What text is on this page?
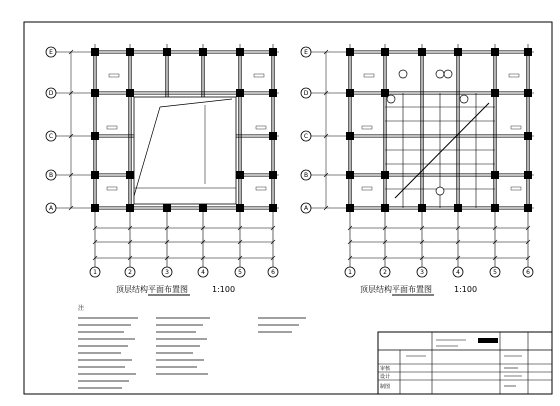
E
D
C
B
A
1	2	3	4	5	6
E
D
C
B
A
1	2	3	4	5	6
顶层结构平面布置图	1:100	顶层结构平面布置图	1:100
注
审核
设计
制图
